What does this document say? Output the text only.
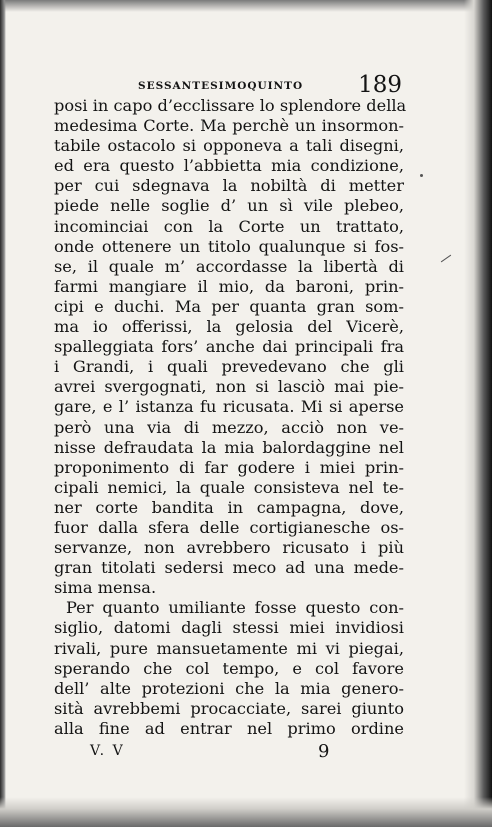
SESSANTESIMOQUINTO 189
posi in capo d’ecclissare lo splendore della
medesima Corte. Ma perchè un insormon-
tabile ostacolo si opponeva a tali disegni,
ed era questo l’abbietta mia condizione,
per cui sdegnava la nobiltà di metter
piede nelle soglie d’ un sì vile plebeo,
incominciai con la Corte un trattato,
onde ottenere un titolo qualunque si fos-
se, il quale m’ accordasse la libertà di
farmi mangiare il mio, da baroni, prin-
cipi e duchi. Ma per quanta gran som-
ma io offerissi, la gelosia del Vicerè,
spalleggiata fors’ anche dai principali fra
i Grandi, i quali prevedevano che gli
avrei svergognati, non si lasciò mai pie-
gare, e l’ istanza fu ricusata. Mi si aperse
però una via di mezzo, acciò non ve-
nisse defraudata la mia balordaggine nel
proponimento di far godere i miei prin-
cipali nemici, la quale consisteva nel te-
ner corte bandita in campagna, dove,
fuor dalla sfera delle cortigianesche os-
servanze, non avrebbero ricusato i più
gran titolati sedersi meco ad una mede-
sima mensa.
Per quanto umiliante fosse questo con-
siglio, datomi dagli stessi miei invidiosi
rivali, pure mansuetamente mi vi piegai,
sperando che col tempo, e col favore
dell’ alte protezioni che la mia genero-
sità avrebbemi procacciate, sarei giunto
alla fine ad entrar nel primo ordine
V. V	9
